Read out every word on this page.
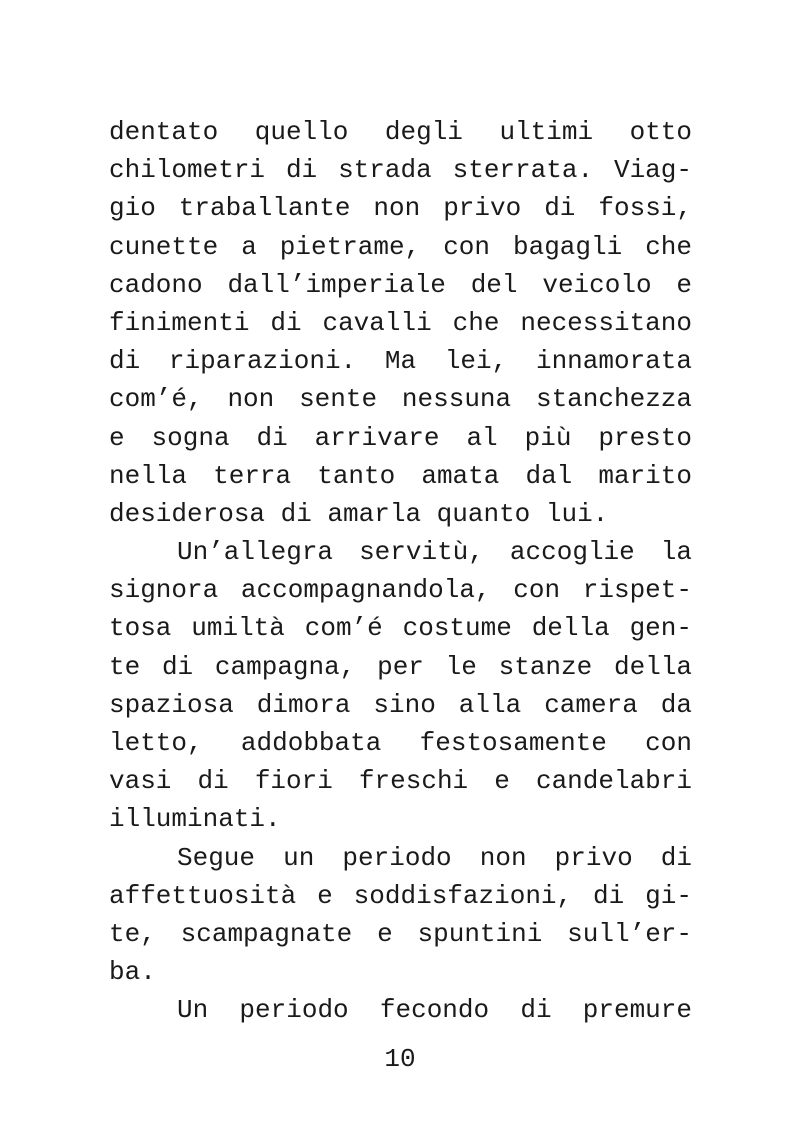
dentato quello degli ultimi otto
chilometri di strada sterrata. Viag-
gio traballante non privo di fossi,
cunette a pietrame, con bagagli che
cadono dall’imperiale del veicolo e
finimenti di cavalli che necessitano
di riparazioni. Ma lei, innamorata
com’é, non sente nessuna stanchezza
e sogna di arrivare al più presto
nella terra tanto amata dal marito
desiderosa di amarla quanto lui.
Un’allegra servitù, accoglie la
signora accompagnandola, con rispet-
tosa umiltà com’é costume della gen-
te di campagna, per le stanze della
spaziosa dimora sino alla camera da
letto, addobbata festosamente con
vasi di fiori freschi e candelabri
illuminati.
Segue un periodo non privo di
affettuosità e soddisfazioni, di gi-
te, scampagnate e spuntini sull’er-
ba.
Un periodo fecondo di premure
10
